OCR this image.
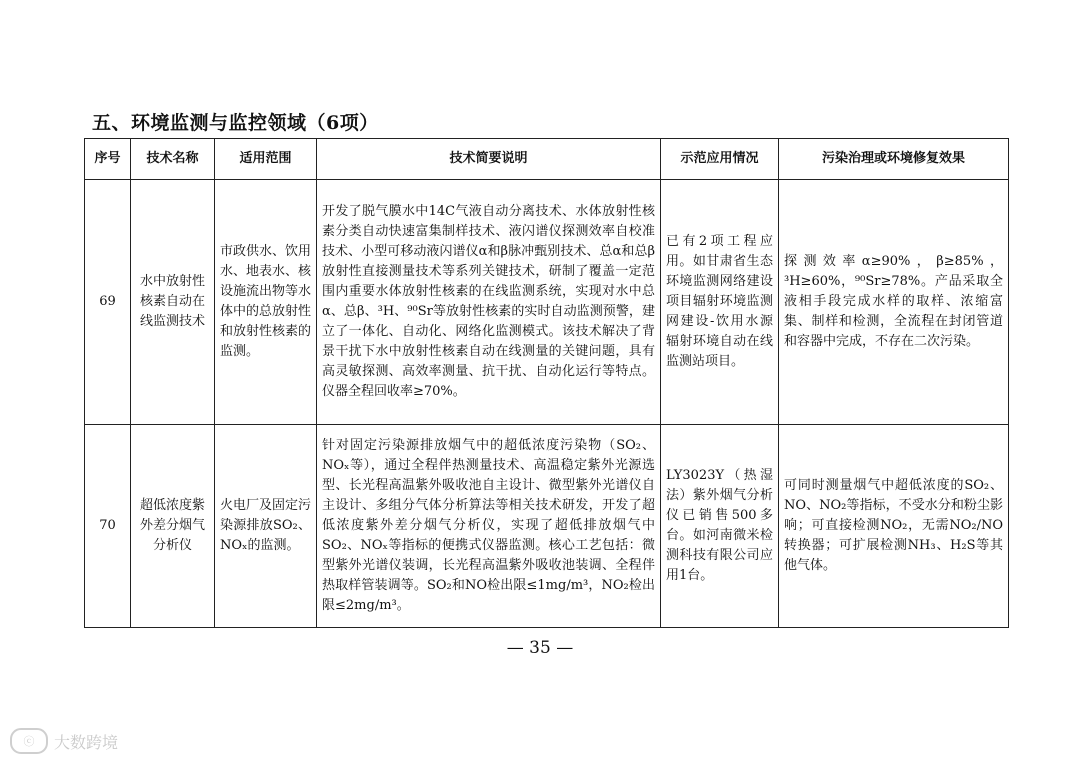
五、环境监测与监控领域（6项）
序号	技术名称	适用范围	技术简要说明	示范应用情况	污染治理或环境修复效果
69	水中放射性核素自动在线监测技术	市政供水、饮用水、地表水、核设施流出物等水体中的总放射性和放射性核素的监测。	开发了脱气膜水中14C气液自动分离技术、水体放射性核素分类自动快速富集制样技术、液闪谱仪探测效率自校准技术、小型可移动液闪谱仪α和β脉冲甄别技术、总α和总β放射性直接测量技术等系列关键技术，研制了覆盖一定范围内重要水体放射性核素的在线监测系统，实现对水中总α、总β、³H、⁹⁰Sr等放射性核素的实时自动监测预警，建立了一体化、自动化、网络化监测模式。该技术解决了背景干扰下水中放射性核素自动在线测量的关键问题，具有高灵敏探测、高效率测量、抗干扰、自动化运行等特点。仪器全程回收率≥70%。	已有2项工程应用。如甘肃省生态环境监测网络建设项目辐射环境监测网建设-饮用水源辐射环境自动在线监测站项目。	探测效率α≥90%，β≥85%，³H≥60%，⁹⁰Sr≥78%。产品采取全液相手段完成水样的取样、浓缩富集、制样和检测，全流程在封闭管道和容器中完成，不存在二次污染。
70	超低浓度紫外差分烟气分析仪	火电厂及固定污染源排放SO₂、NOₓ的监测。	针对固定污染源排放烟气中的超低浓度污染物（SO₂、NOₓ等），通过全程伴热测量技术、高温稳定紫外光源选型、长光程高温紫外吸收池自主设计、微型紫外光谱仪自主设计、多组分气体分析算法等相关技术研发，开发了超低浓度紫外差分烟气分析仪，实现了超低排放烟气中SO₂、NOₓ等指标的便携式仪器监测。核心工艺包括：微型紫外光谱仪装调，长光程高温紫外吸收池装调、全程伴热取样管装调等。SO₂和NO检出限≤1mg/m³，NO₂检出限≤2mg/m³。	LY3023Y（热湿法）紫外烟气分析仪已销售500多台。如河南微米检测科技有限公司应用1台。	可同时测量烟气中超低浓度的SO₂、NO、NO₂等指标，不受水分和粉尘影响；可直接检测NO₂，无需NO₂/NO转换器；可扩展检测NH₃、H₂S等其他气体。
— 35 —
ⓒ	大数跨境
